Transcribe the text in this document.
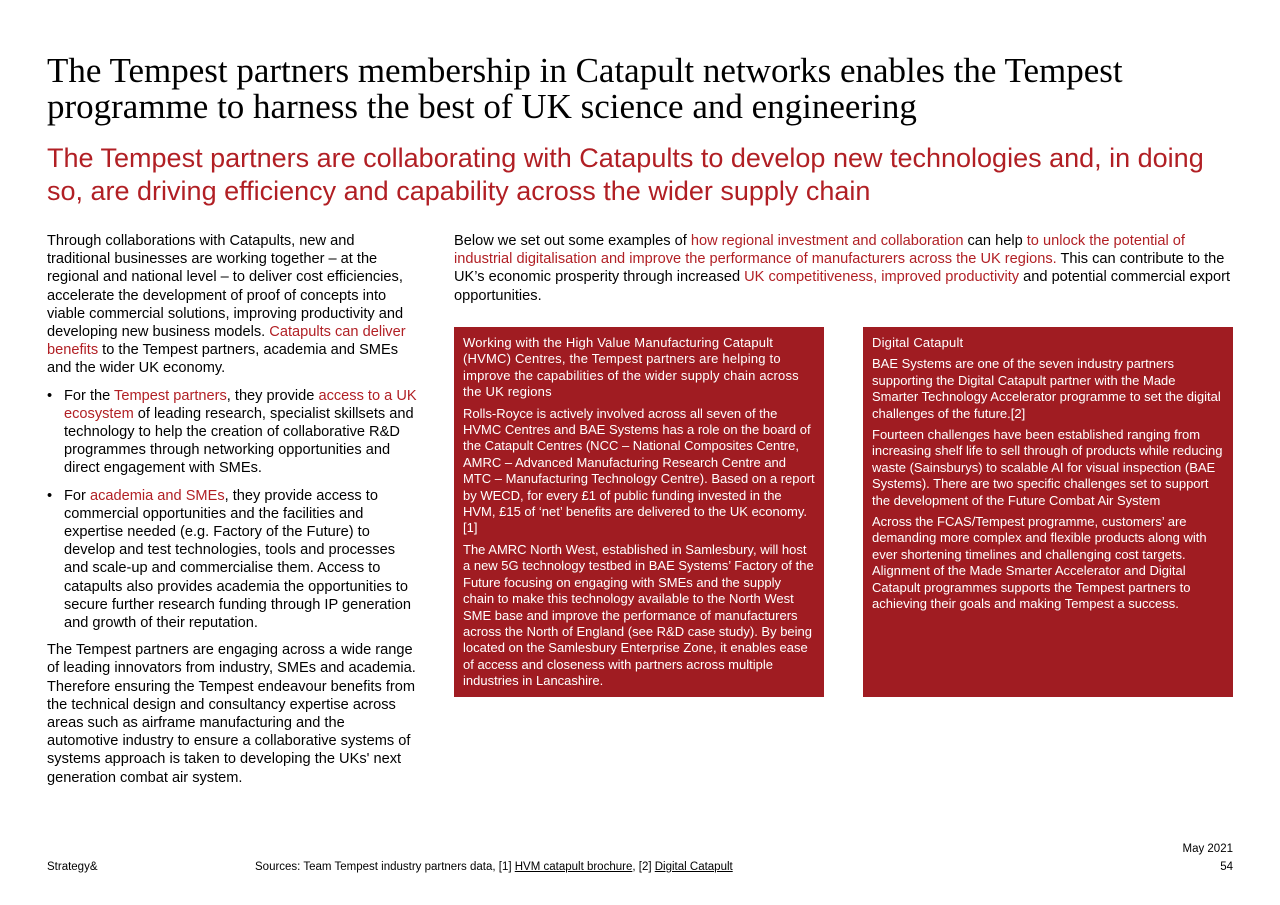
The Tempest partners membership in Catapult networks enables the Tempest programme to harness the best of UK science and engineering
The Tempest partners are collaborating with Catapults to develop new technologies and, in doing so, are driving efficiency and capability across the wider supply chain

Through collaborations with Catapults, new and traditional businesses are working together – at the regional and national level – to deliver cost efficiencies, accelerate the development of proof of concepts into viable commercial solutions, improving productivity and developing new business models. Catapults can deliver benefits to the Tempest partners, academia and SMEs and the wider UK economy.

• For the Tempest partners, they provide access to a UK ecosystem of leading research, specialist skillsets and technology to help the creation of collaborative R&D programmes through networking opportunities and direct engagement with SMEs.
• For academia and SMEs, they provide access to commercial opportunities and the facilities and expertise needed (e.g. Factory of the Future) to develop and test technologies, tools and processes and scale-up and commercialise them. Access to catapults also provides academia the opportunities to secure further research funding through IP generation and growth of their reputation.

The Tempest partners are engaging across a wide range of leading innovators from industry, SMEs and academia. Therefore ensuring the Tempest endeavour benefits from the technical design and consultancy expertise across areas such as airframe manufacturing and the automotive industry to ensure a collaborative systems of systems approach is taken to developing the UKs' next generation combat air system.

Below we set out some examples of how regional investment and collaboration can help to unlock the potential of industrial digitalisation and improve the performance of manufacturers across the UK regions. This can contribute to the UK’s economic prosperity through increased UK competitiveness, improved productivity and potential commercial export opportunities.

Working with the High Value Manufacturing Catapult (HVMC) Centres, the Tempest partners are helping to improve the capabilities of the wider supply chain across the UK regions

Rolls-Royce is actively involved across all seven of the HVMC Centres and BAE Systems has a role on the board of the Catapult Centres (NCC – National Composites Centre, AMRC – Advanced Manufacturing Research Centre and MTC – Manufacturing Technology Centre). Based on a report by WECD, for every £1 of public funding invested in the HVM, £15 of ‘net’ benefits are delivered to the UK economy.[1]

The AMRC North West, established in Samlesbury, will host a new 5G technology testbed in BAE Systems’ Factory of the Future focusing on engaging with SMEs and the supply chain to make this technology available to the North West SME base and improve the performance of manufacturers across the North of England (see R&D case study). By being located on the Samlesbury Enterprise Zone, it enables ease of access and closeness with partners across multiple industries in Lancashire.

Digital Catapult

BAE Systems are one of the seven industry partners supporting the Digital Catapult partner with the Made Smarter Technology Accelerator programme to set the digital challenges of the future.[2]

Fourteen challenges have been established ranging from increasing shelf life to sell through of products while reducing waste (Sainsburys) to scalable AI for visual inspection (BAE Systems). There are two specific challenges set to support the development of the Future Combat Air System

Across the FCAS/Tempest programme, customers’ are demanding more complex and flexible products along with ever shortening timelines and challenging cost targets. Alignment of the Made Smarter Accelerator and Digital Catapult programmes supports the Tempest partners to achieving their goals and making Tempest a success.

Strategy&	Sources: Team Tempest industry partners data, [1] HVM catapult brochure, [2] Digital Catapult
May 2021
54
